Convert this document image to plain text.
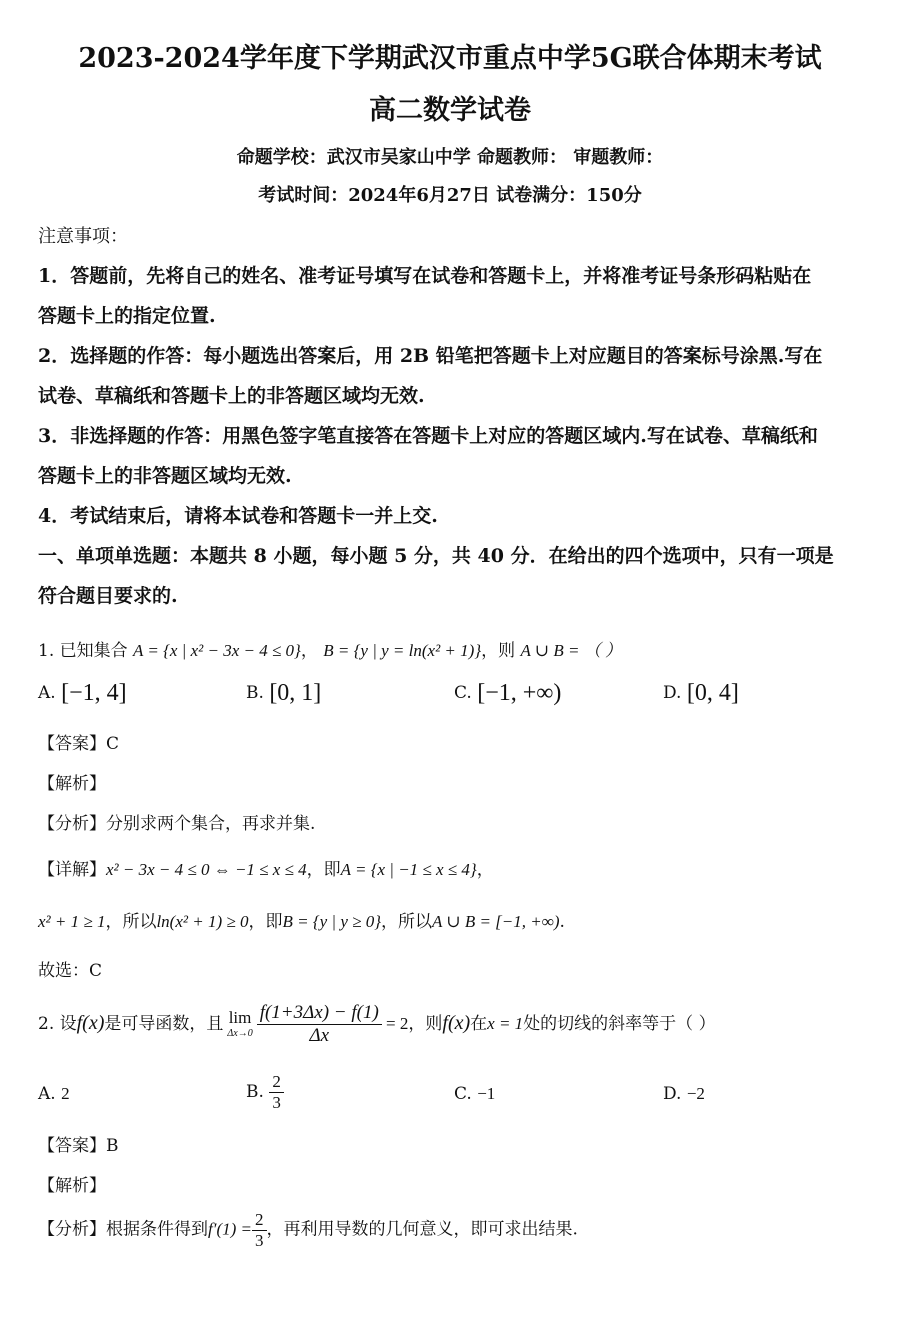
2023-2024学年度下学期武汉市重点中学5G联合体期末考试
高二数学试卷
命题学校：武汉市吴家山中学 命题教师： 审题教师：
考试时间：2024年6月27日 试卷满分：150分
注意事项：
1．答题前，先将自己的姓名、准考证号填写在试卷和答题卡上，并将准考证号条形码粘贴在
答题卡上的指定位置.
2．选择题的作答：每小题选出答案后，用 2B 铅笔把答题卡上对应题目的答案标号涂黑.写在
试卷、草稿纸和答题卡上的非答题区域均无效.
3．非选择题的作答：用黑色签字笔直接答在答题卡上对应的答题区域内.写在试卷、草稿纸和
答题卡上的非答题区域均无效.
4．考试结束后，请将本试卷和答题卡一并上交.
一、单项单选题：本题共 8 小题，每小题 5 分，共 40 分．在给出的四个选项中，只有一项是
符合题目要求的.
1. 已知集合 A = {x | x² − 3x − 4 ≤ 0}， B = {y | y = ln(x² + 1)}，则 A ∪ B = （ ）
A. [−1, 4]	B. [0, 1]	C. [−1, +∞)	D. [0, 4]
【答案】C
【解析】
【分析】分别求两个集合，再求并集.
【详解】x² − 3x − 4 ≤ 0 ⇔ −1 ≤ x ≤ 4，即A = {x | −1 ≤ x ≤ 4}，
x² + 1 ≥ 1，所以ln(x² + 1) ≥ 0，即B = {y | y ≥ 0}，所以A ∪ B = [−1, +∞).
故选：C
2. 设f(x)是可导函数，且 lim
$\Delta x\to 0 \frac{f(1+3\Delta x) - f(1)}{\Delta x} = 2$，则f(x)在x = 1处的切线的斜率等于（ ）
A. 2	B. $\frac{2}{3}$	C. −1	D. −2
【答案】B
【解析】
【分析】根据条件得到$f'(1) = \frac{2}{3}$ ，再利用导数的几何意义，即可求出结果.
